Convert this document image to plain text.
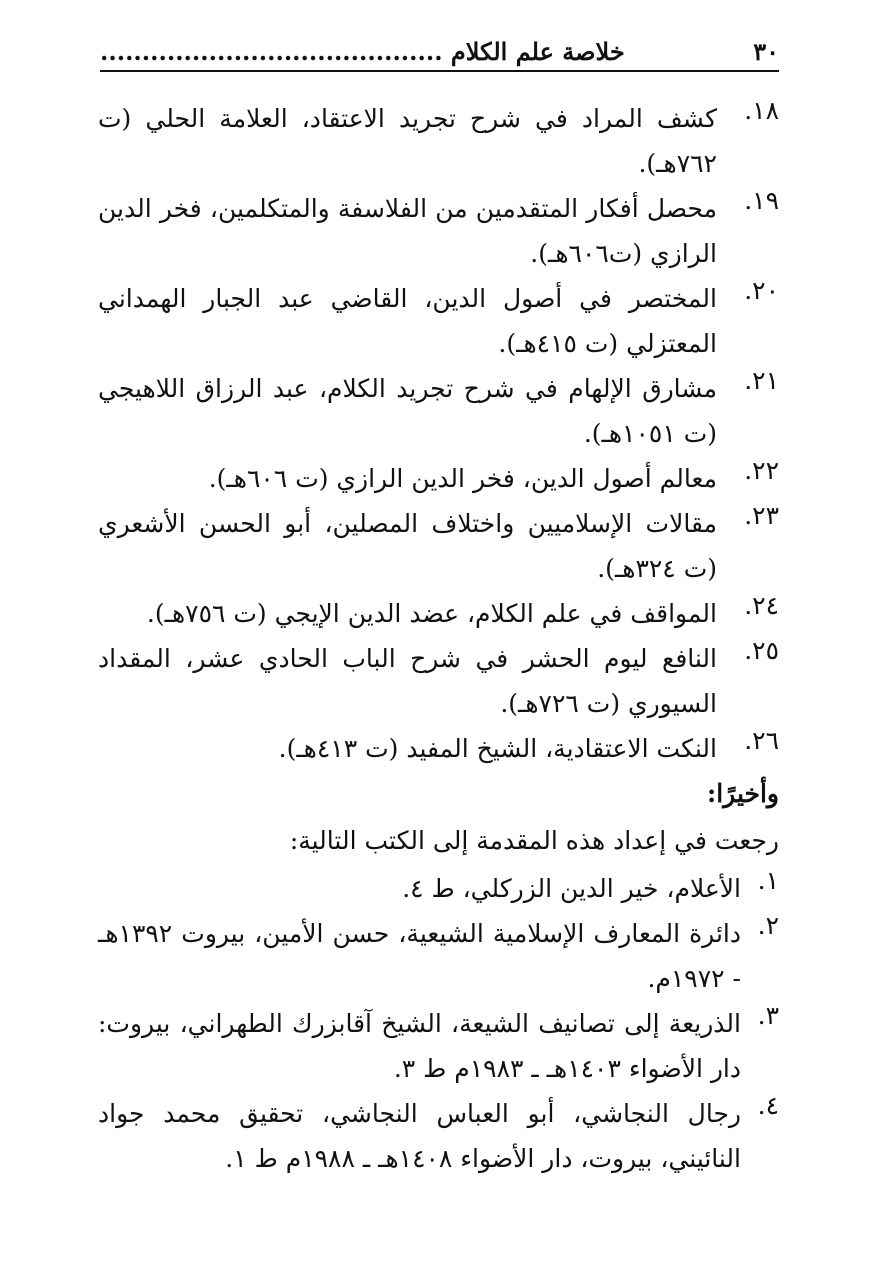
٣٠
خلاصة علم الكلام .........................................
١٨.
كشف المراد في شرح تجريد الاعتقاد، العلامة الحلي (ت ٧٦٢هـ).
١٩.
محصل أفكار المتقدمين من الفلاسفة والمتكلمين، فخر الدين الرازي (ت٦٠٦هـ).
٢٠.
المختصر في أصول الدين، القاضي عبد الجبار الهمداني المعتزلي (ت ٤١٥هـ).
٢١.
مشارق الإلهام في شرح تجريد الكلام، عبد الرزاق اللاهيجي (ت ١٠٥١هـ).
٢٢.
معالم أصول الدين، فخر الدين الرازي (ت ٦٠٦هـ).
٢٣.
مقالات الإسلاميين واختلاف المصلين، أبو الحسن الأشعري (ت ٣٢٤هـ).
٢٤.
المواقف في علم الكلام، عضد الدين الإيجي (ت ٧٥٦هـ).
٢٥.
النافع ليوم الحشر في شرح الباب الحادي عشر، المقداد السيوري (ت ٧٢٦هـ).
٢٦.
النكت الاعتقادية، الشيخ المفيد (ت ٤١٣هـ).
وأخيرًا:
رجعت في إعداد هذه المقدمة إلى الكتب التالية:
١.
الأعلام، خير الدين الزركلي، ط ٤.
٢.
دائرة المعارف الإسلامية الشيعية، حسن الأمين، بيروت ١٣٩٢هـ - ١٩٧٢م.
٣.
الذريعة إلى تصانيف الشيعة، الشيخ آقابزرك الطهراني، بيروت: دار الأضواء ١٤٠٣هـ ـ ١٩٨٣م ط ٣.
٤.
رجال النجاشي، أبو العباس النجاشي، تحقيق محمد جواد النائيني، بيروت، دار الأضواء ١٤٠٨هـ ـ ١٩٨٨م ط ١.
